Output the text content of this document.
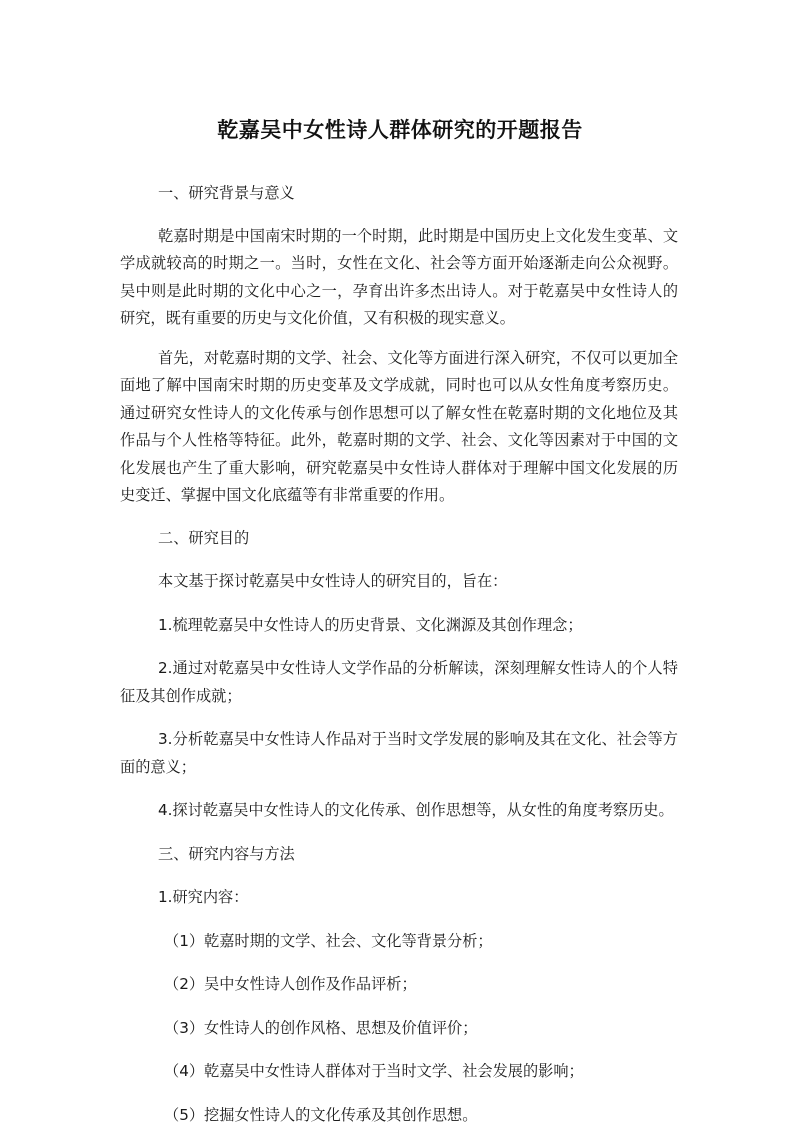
乾嘉吴中女性诗人群体研究的开题报告

一、研究背景与意义

乾嘉时期是中国南宋时期的一个时期，此时期是中国历史上文化发生变革、文学成就较高的时期之一。当时，女性在文化、社会等方面开始逐渐走向公众视野。吴中则是此时期的文化中心之一，孕育出许多杰出诗人。对于乾嘉吴中女性诗人的研究，既有重要的历史与文化价值，又有积极的现实意义。

首先，对乾嘉时期的文学、社会、文化等方面进行深入研究，不仅可以更加全面地了解中国南宋时期的历史变革及文学成就，同时也可以从女性角度考察历史。通过研究女性诗人的文化传承与创作思想可以了解女性在乾嘉时期的文化地位及其作品与个人性格等特征。此外，乾嘉时期的文学、社会、文化等因素对于中国的文化发展也产生了重大影响，研究乾嘉吴中女性诗人群体对于理解中国文化发展的历史变迁、掌握中国文化底蕴等有非常重要的作用。

二、研究目的

本文基于探讨乾嘉吴中女性诗人的研究目的，旨在：

1.梳理乾嘉吴中女性诗人的历史背景、文化渊源及其创作理念；

2.通过对乾嘉吴中女性诗人文学作品的分析解读，深刻理解女性诗人的个人特征及其创作成就；

3.分析乾嘉吴中女性诗人作品对于当时文学发展的影响及其在文化、社会等方面的意义；

4.探讨乾嘉吴中女性诗人的文化传承、创作思想等，从女性的角度考察历史。

三、研究内容与方法

1.研究内容：

（1）乾嘉时期的文学、社会、文化等背景分析；

（2）吴中女性诗人创作及作品评析；

（3）女性诗人的创作风格、思想及价值评价；

（4）乾嘉吴中女性诗人群体对于当时文学、社会发展的影响；

（5）挖掘女性诗人的文化传承及其创作思想。
